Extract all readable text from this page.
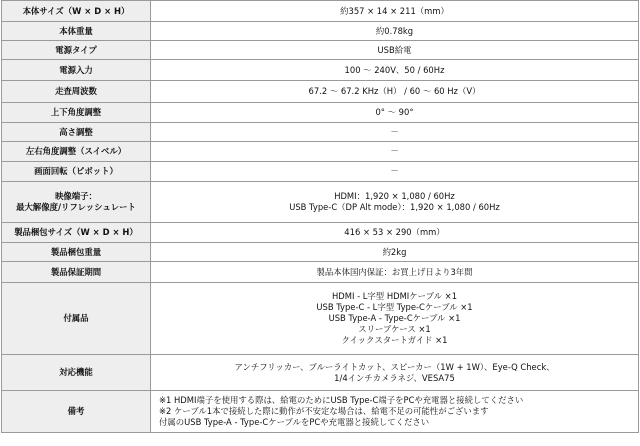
本体サイズ（W × D × H）	約357 × 14 × 211（mm）

本体重量	約0.78kg

電源タイプ	USB給電

電源入力	100 ～ 240V、50 / 60Hz

走査周波数	67.2 ～ 67.2 KHz（H） / 60 ～ 60 Hz（V）

上下角度調整	0° ～ 90°

高さ調整	－

左右角度調整（スイベル）	－

画面回転（ピボット）	－

映像端子：
最大解像度/リフレッシュレート	HDMI：1,920 × 1,080 / 60Hz
USB Type-C（DP Alt mode）：1,920 × 1,080 / 60Hz

製品梱包サイズ（W × D × H）	416 × 53 × 290（mm）

製品梱包重量	約2kg

製品保証期間	製品本体国内保証：お買上げ日より3年間

付属品	HDMI - L字型 HDMIケーブル ×1
USB Type-C - L字型 Type-Cケーブル ×1
USB Type-A - Type-Cケーブル ×1
スリーブケース ×1
クイックスタートガイド ×1

対応機能	アンチフリッカー、ブルーライトカット、スピーカー（1W + 1W）、Eye-Q Check、
1/4インチカメラネジ、VESA75

備考	※1 HDMI端子を使用する際は、給電のためにUSB Type-C端子をPCや充電器と接続してください
※2 ケーブル1本で接続した際に動作が不安定な場合は、給電不足の可能性がございます
付属のUSB Type-A - Type-CケーブルをPCや充電器と接続してください
